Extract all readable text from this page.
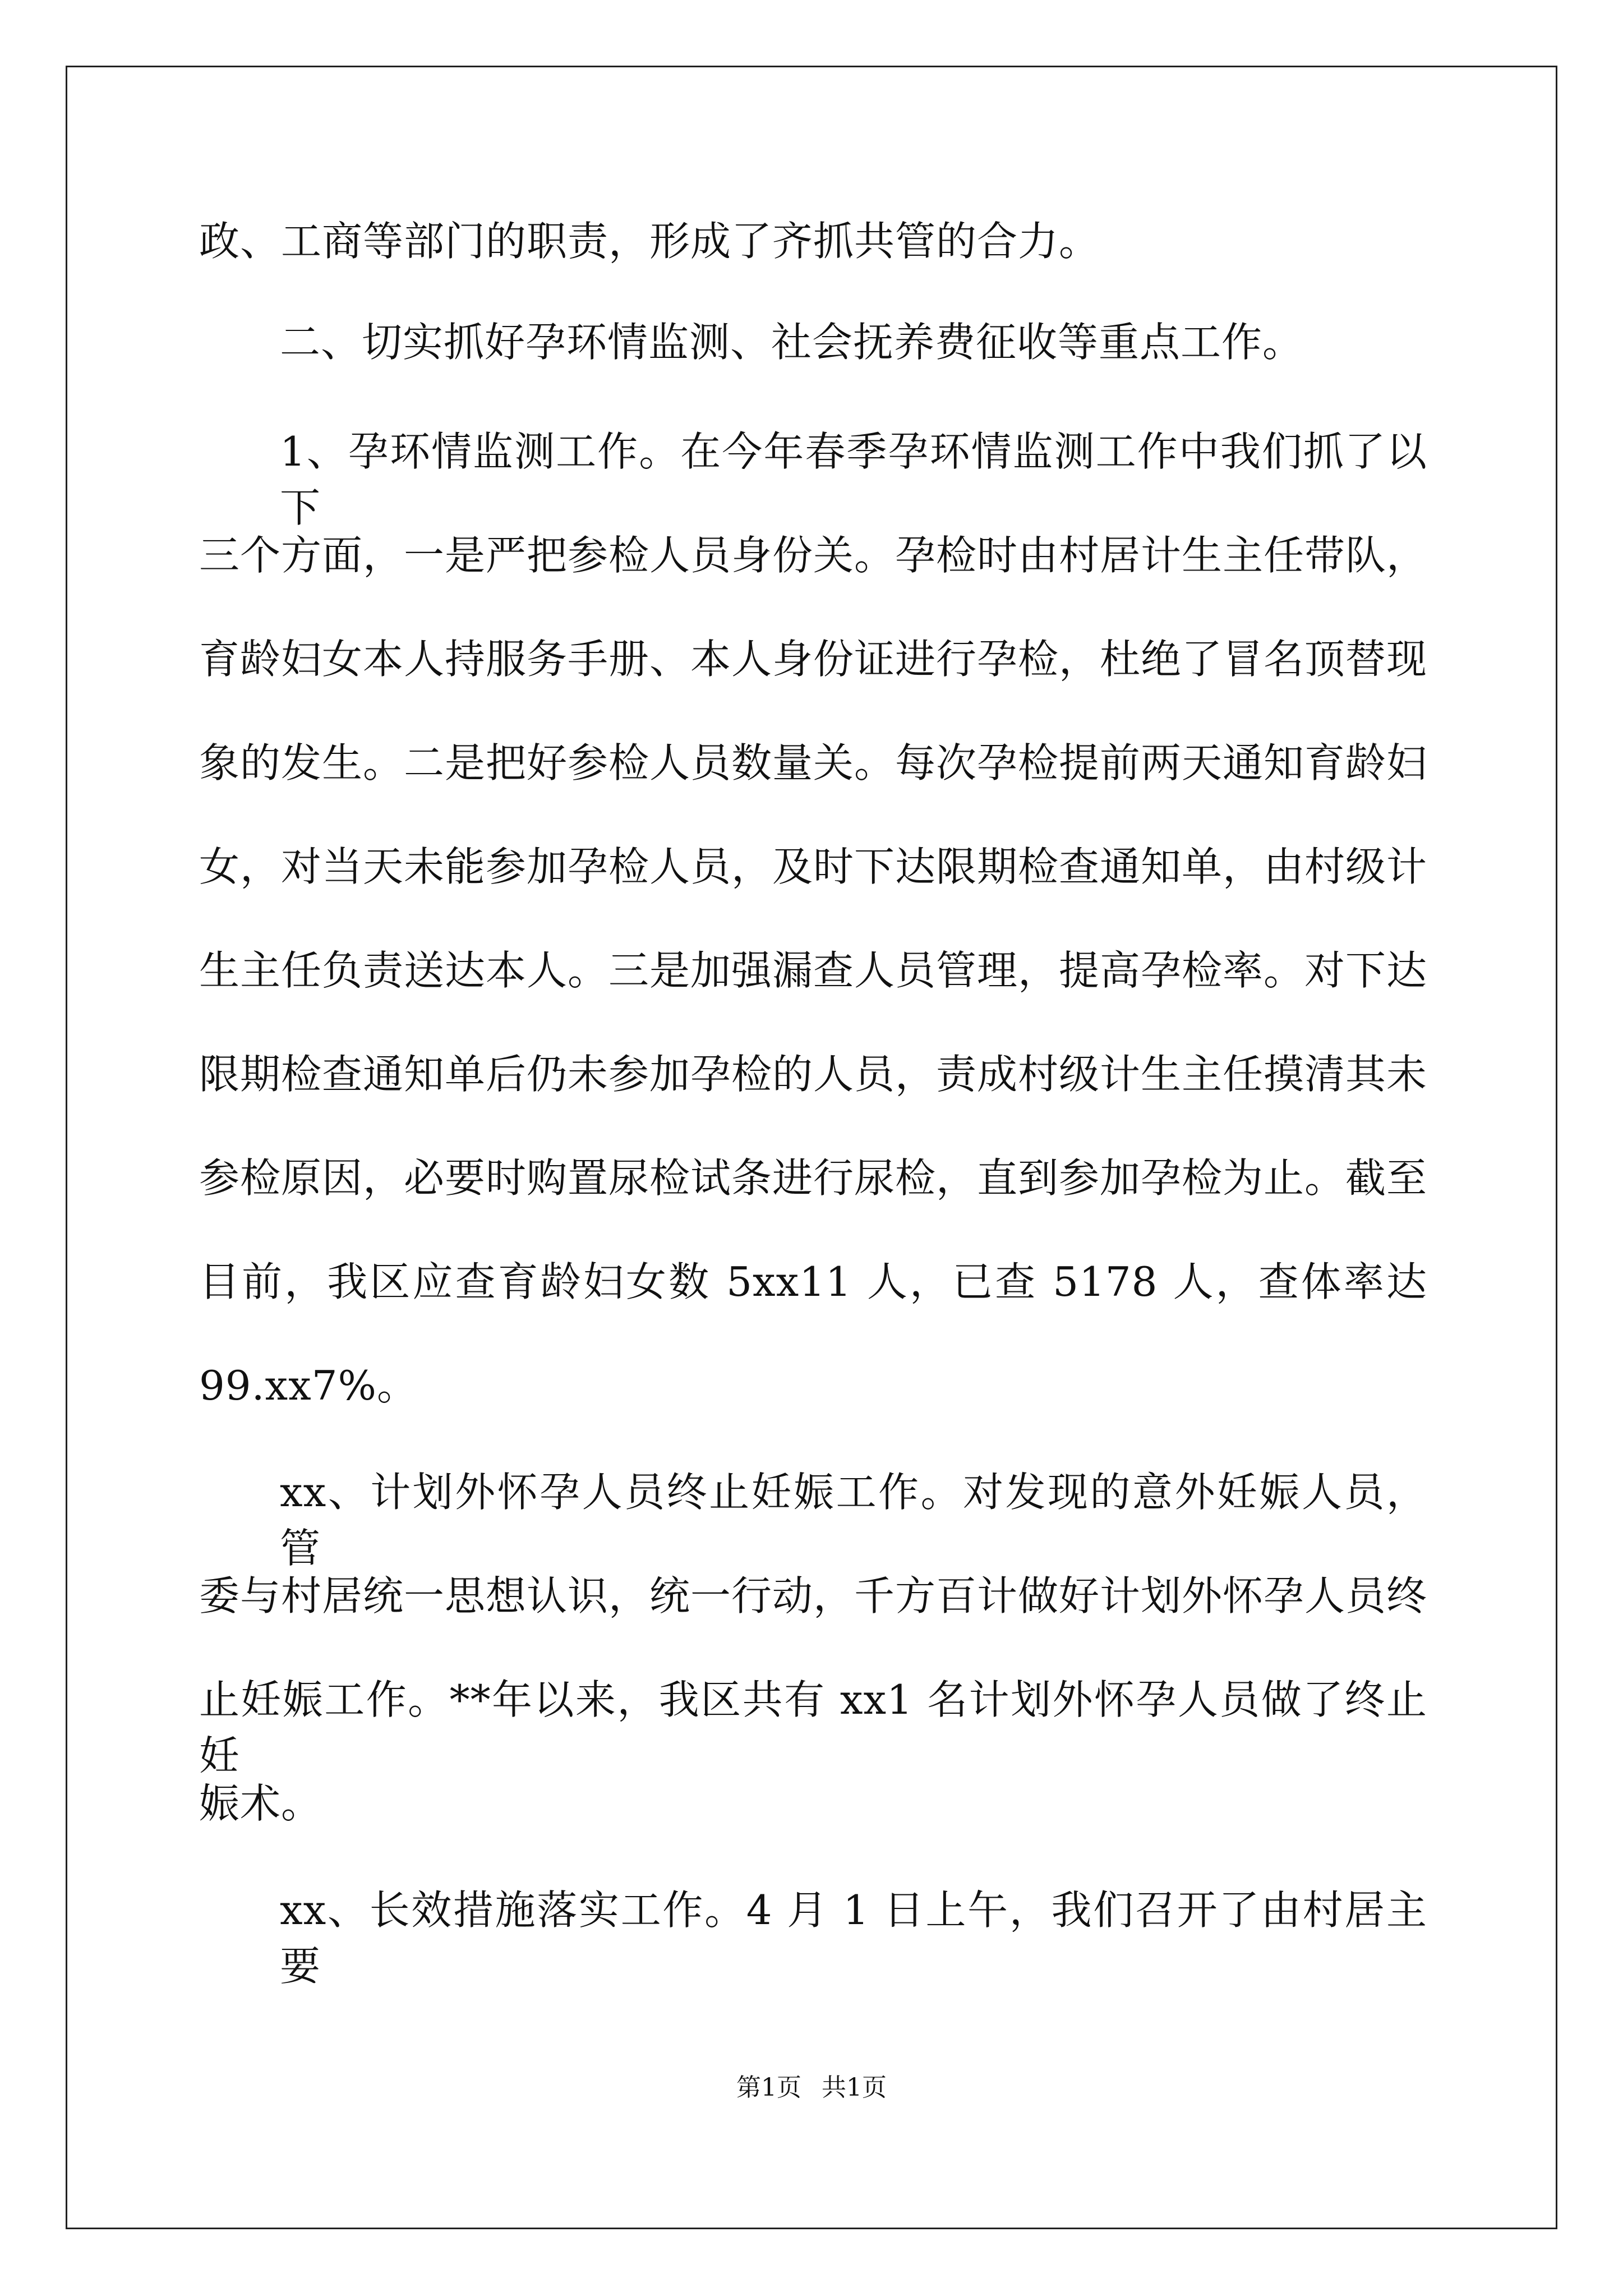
政、工商等部门的职责，形成了齐抓共管的合力。
二、切实抓好孕环情监测、社会抚养费征收等重点工作。
1、孕环情监测工作。在今年春季孕环情监测工作中我们抓了以下
三个方面，一是严把参检人员身份关。孕检时由村居计生主任带队，
育龄妇女本人持服务手册、本人身份证进行孕检，杜绝了冒名顶替现
象的发生。二是把好参检人员数量关。每次孕检提前两天通知育龄妇
女，对当天未能参加孕检人员，及时下达限期检查通知单，由村级计
生主任负责送达本人。三是加强漏查人员管理，提高孕检率。对下达
限期检查通知单后仍未参加孕检的人员，责成村级计生主任摸清其未
参检原因，必要时购置尿检试条进行尿检，直到参加孕检为止。截至
目前，我区应查育龄妇女数 5xx11 人，已查 5178 人，查体率达
99.xx7%。
xx、计划外怀孕人员终止妊娠工作。对发现的意外妊娠人员，管
委与村居统一思想认识，统一行动，千方百计做好计划外怀孕人员终
止妊娠工作。**年以来，我区共有 xx1 名计划外怀孕人员做了终止妊
娠术。
xx、长效措施落实工作。4 月 1 日上午，我们召开了由村居主要
第1页 共1页
